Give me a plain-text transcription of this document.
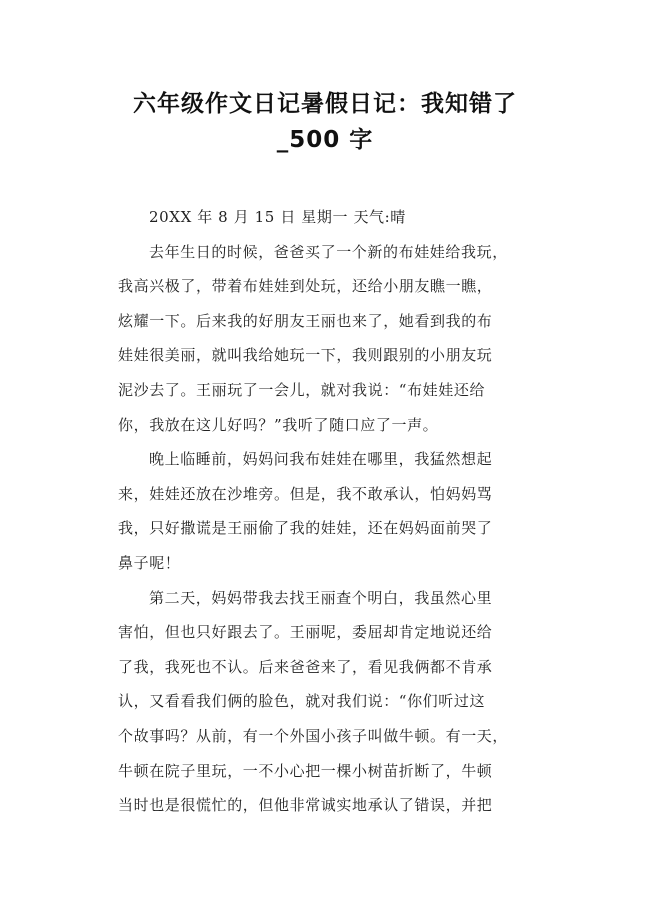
六年级作文日记暑假日记：我知错了
_500 字
20XX 年 8 月 15 日 星期一 天气:晴
去年生日的时候，爸爸买了一个新的布娃娃给我玩，
我高兴极了，带着布娃娃到处玩，还给小朋友瞧一瞧，
炫耀一下。后来我的好朋友王丽也来了，她看到我的布
娃娃很美丽，就叫我给她玩一下，我则跟别的小朋友玩
泥沙去了。王丽玩了一会儿，就对我说：“布娃娃还给
你，我放在这儿好吗？”我听了随口应了一声。
晚上临睡前，妈妈问我布娃娃在哪里，我猛然想起
来，娃娃还放在沙堆旁。但是，我不敢承认，怕妈妈骂
我，只好撒谎是王丽偷了我的娃娃，还在妈妈面前哭了
鼻子呢！
第二天，妈妈带我去找王丽查个明白，我虽然心里
害怕，但也只好跟去了。王丽呢，委屈却肯定地说还给
了我，我死也不认。后来爸爸来了，看见我俩都不肯承
认，又看看我们俩的脸色，就对我们说：“你们听过这
个故事吗？从前，有一个外国小孩子叫做牛顿。有一天，
牛顿在院子里玩，一不小心把一棵小树苗折断了，牛顿
当时也是很慌忙的，但他非常诚实地承认了错误，并把
